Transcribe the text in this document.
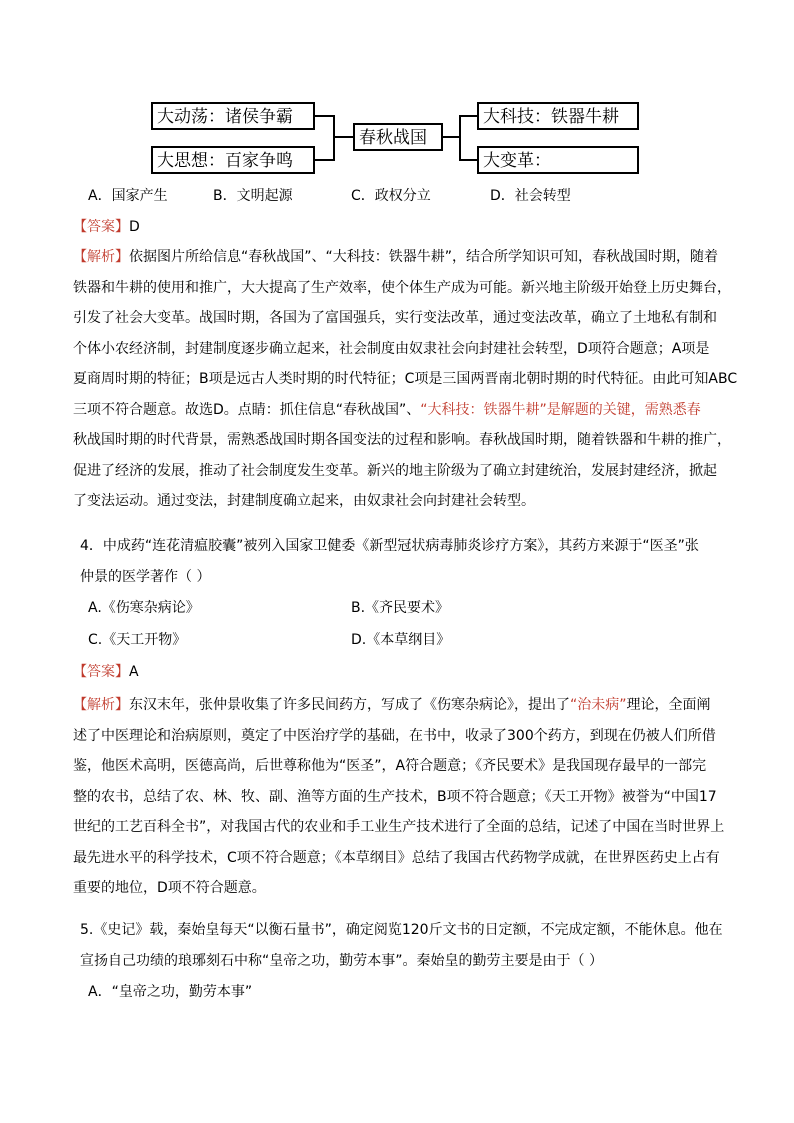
大动荡：诸侯争霸
大思想：百家争鸣
春秋战国
大科技：铁器牛耕
大变革：
A．国家产生	B．文明起源	C．政权分立	D．社会转型
【答案】D

【解析】依据图片所给信息“春秋战国”、“大科技：铁器牛耕”，结合所学知识可知，春秋战国时期，随着

铁器和牛耕的使用和推广，大大提高了生产效率，使个体生产成为可能。新兴地主阶级开始登上历史舞台，

引发了社会大变革。战国时期，各国为了富国强兵，实行变法改革，通过变法改革，确立了土地私有制和

个体小农经济制，封建制度逐步确立起来，社会制度由奴隶社会向封建社会转型，D项符合题意；A项是

夏商周时期的特征；B项是远古人类时期的时代特征；C项是三国两晋南北朝时期的时代特征。由此可知ABC

三项不符合题意。故选D。点睛：抓住信息“春秋战国”、“大科技：铁器牛耕”是解题的关键，需熟悉春

秋战国时期的时代背景，需熟悉战国时期各国变法的过程和影响。春秋战国时期，随着铁器和牛耕的推广，

促进了经济的发展，推动了社会制度发生变革。新兴的地主阶级为了确立封建统治，发展封建经济，掀起

了变法运动。通过变法，封建制度确立起来，由奴隶社会向封建社会转型。

4．中成药“连花清瘟胶囊”被列入国家卫健委《新型冠状病毒肺炎诊疗方案》，其药方来源于“医圣”张

仲景的医学著作（ ）

A.《伤寒杂病论》	B.《齐民要术》
C.《天工开物》	D.《本草纲目》
【答案】A

【解析】东汉末年，张仲景收集了许多民间药方，写成了《伤寒杂病论》，提出了“治未病”理论，全面阐

述了中医理论和治病原则，奠定了中医治疗学的基础，在书中，收录了300个药方，到现在仍被人们所借

鉴，他医术高明，医德高尚，后世尊称他为“医圣”，A符合题意；《齐民要术》是我国现存最早的一部完

整的农书，总结了农、林、牧、副、渔等方面的生产技术，B项不符合题意；《天工开物》被誉为“中国17

世纪的工艺百科全书”，对我国古代的农业和手工业生产技术进行了全面的总结，记述了中国在当时世界上

最先进水平的科学技术，C项不符合题意；《本草纲目》总结了我国古代药物学成就，在世界医药史上占有

重要的地位，D项不符合题意。

5.《史记》载，秦始皇每天“以衡石量书”，确定阅览120斤文书的日定额，不完成定额，不能休息。他在

宣扬自己功绩的琅琊刻石中称“皇帝之功，勤劳本事”。秦始皇的勤劳主要是由于（ ）

A．“皇帝之功，勤劳本事”
